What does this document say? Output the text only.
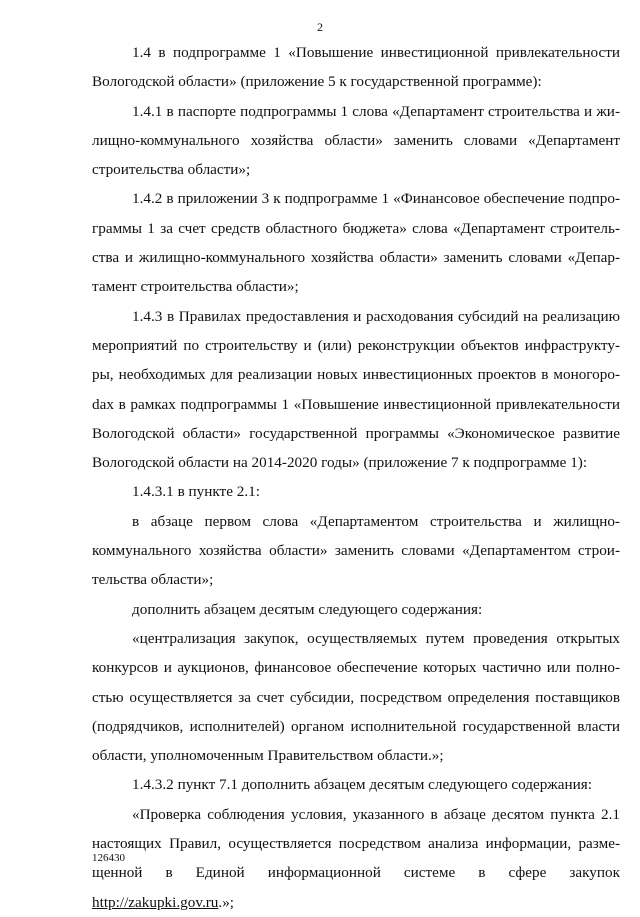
2

1.4 в подпрограмме 1 «Повышение инвестиционной привлекательности Вологодской области» (приложение 5 к государственной программе):

1.4.1 в паспорте подпрограммы 1 слова «Департамент строительства и жилищно-коммунального хозяйства области» заменить словами «Департамент строительства области»;

1.4.2 в приложении 3 к подпрограмме 1 «Финансовое обеспечение подпрограммы 1 за счет средств областного бюджета» слова «Департамент строительства и жилищно-коммунального хозяйства области» заменить словами «Департамент строительства области»;

1.4.3 в Правилах предоставления и расходования субсидий на реализацию мероприятий по строительству и (или) реконструкции объектов инфраструктуры, необходимых для реализации новых инвестиционных проектов в моногороdах в рамках подпрограммы 1 «Повышение инвестиционной привлекательности Вологодской области» государственной программы «Экономическое развитие Вологодской области на 2014-2020 годы» (приложение 7 к подпрограмме 1):

1.4.3.1 в пункте 2.1:

в абзаце первом слова «Департаментом строительства и жилищно-коммунального хозяйства области» заменить словами «Департаментом строительства области»;

дополнить абзацем десятым следующего содержания:

«централизация закупок, осуществляемых путем проведения открытых конкурсов и аукционов, финансовое обеспечение которых частично или полностью осуществляется за счет субсидии, посредством определения поставщиков (подрядчиков, исполнителей) органом исполнительной государственной власти области, уполномоченным Правительством области.»;

1.4.3.2 пункт 7.1 дополнить абзацем десятым следующего содержания:

«Проверка соблюдения условия, указанного в абзаце десятом пункта 2.1 настоящих Правил, осуществляется посредством анализа информации, размещенной в Единой информационной системе в сфере закупок http://zakupki.gov.ru.»;

126430
